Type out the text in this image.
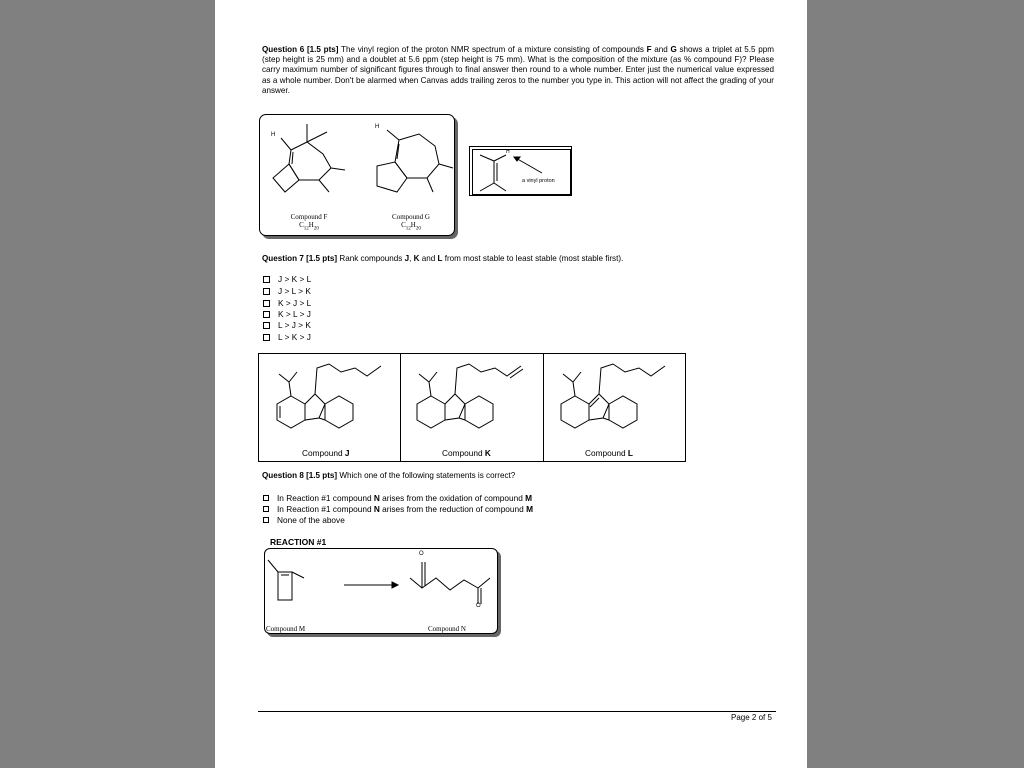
Question 6 [1.5 pts] The vinyl region of the proton NMR spectrum of a mixture consisting of compounds F and G shows a triplet at 5.5 ppm (step height is 25 mm) and a doublet at 5.6 ppm (step height is 75 mm). What is the composition of the mixture (as % compound F)? Please carry maximum number of significant figures through to final answer then round to a whole number. Enter just the numerical value expressed as a whole number. Don't be alarmed when Canvas adds trailing zeros to the number you type in. This action will not affect the grading of your answer.
H
H
Compound F
$C_{12}H_{20}$
Compound G
$C_{12}H_{20}$
H
a vinyl proton
Question 7 [1.5 pts] Rank compounds J, K and L from most stable to least stable (most stable first).
J > K > L
J > L > K
K > J > L
K > L > J
L > J > K
L > K > J
Compound J	Compound K	Compound L
Question 8 [1.5 pts] Which one of the following statements is correct?
In Reaction #1 compound N arises from the oxidation of compound M
In Reaction #1 compound N arises from the reduction of compound M
None of the above
REACTION #1
O
O
Compound M	Compound N
Page 2 of 5
